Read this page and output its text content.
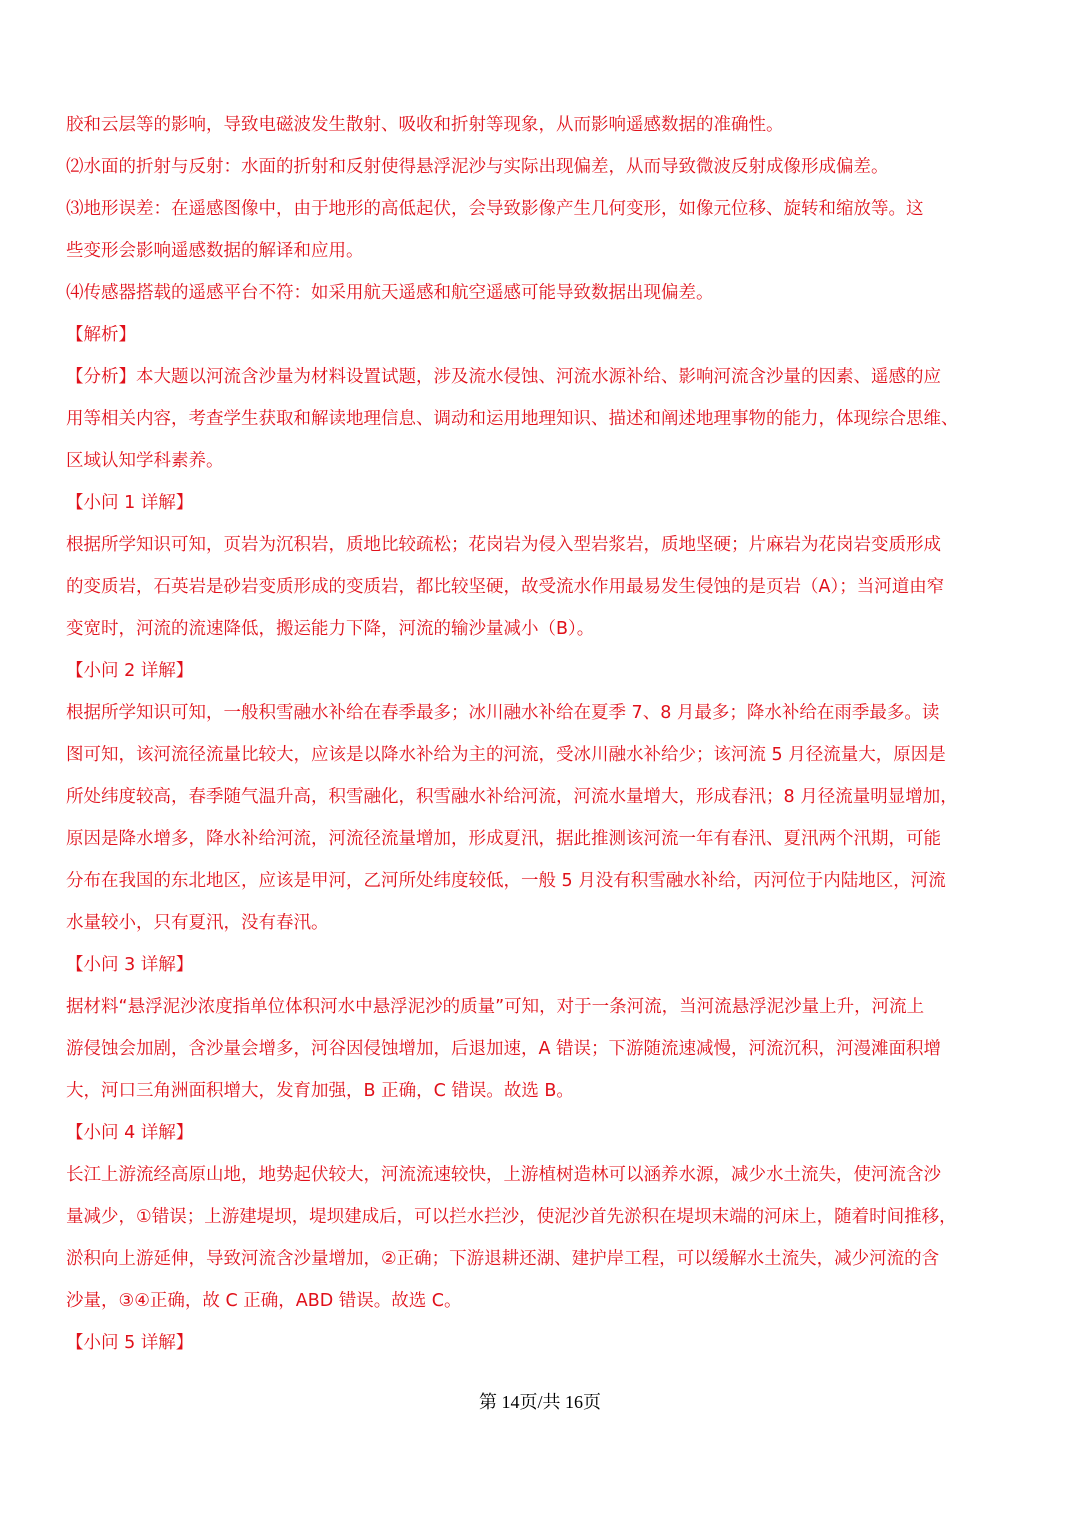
胶和云层等的影响，导致电磁波发生散射、吸收和折射等现象，从而影响遥感数据的准确性。
⑵水面的折射与反射：水面的折射和反射使得悬浮泥沙与实际出现偏差，从而导致微波反射成像形成偏差。
⑶地形误差：在遥感图像中，由于地形的高低起伏，会导致影像产生几何变形，如像元位移、旋转和缩放等。这
些变形会影响遥感数据的解译和应用。
⑷传感器搭载的遥感平台不符：如采用航天遥感和航空遥感可能导致数据出现偏差。
【解析】
【分析】本大题以河流含沙量为材料设置试题，涉及流水侵蚀、河流水源补给、影响河流含沙量的因素、遥感的应
用等相关内容，考查学生获取和解读地理信息、调动和运用地理知识、描述和阐述地理事物的能力，体现综合思维、
区域认知学科素养。
【小问 1 详解】
根据所学知识可知，页岩为沉积岩，质地比较疏松；花岗岩为侵入型岩浆岩，质地坚硬；片麻岩为花岗岩变质形成
的变质岩，石英岩是砂岩变质形成的变质岩，都比较坚硬，故受流水作用最易发生侵蚀的是页岩（A）；当河道由窄
变宽时，河流的流速降低，搬运能力下降，河流的输沙量减小（B）。
【小问 2 详解】
根据所学知识可知，一般积雪融水补给在春季最多；冰川融水补给在夏季 7、8 月最多；降水补给在雨季最多。读
图可知，该河流径流量比较大，应该是以降水补给为主的河流，受冰川融水补给少；该河流 5 月径流量大，原因是
所处纬度较高，春季随气温升高，积雪融化，积雪融水补给河流，河流水量增大，形成春汛；8 月径流量明显增加，
原因是降水增多，降水补给河流，河流径流量增加，形成夏汛，据此推测该河流一年有春汛、夏汛两个汛期，可能
分布在我国的东北地区，应该是甲河，乙河所处纬度较低，一般 5 月没有积雪融水补给，丙河位于内陆地区，河流
水量较小，只有夏汛，没有春汛。
【小问 3 详解】
据材料“悬浮泥沙浓度指单位体积河水中悬浮泥沙的质量”可知，对于一条河流，当河流悬浮泥沙量上升，河流上
游侵蚀会加剧，含沙量会增多，河谷因侵蚀增加，后退加速，A 错误；下游随流速减慢，河流沉积，河漫滩面积增
大，河口三角洲面积增大，发育加强，B 正确，C 错误。故选 B。
【小问 4 详解】
长江上游流经高原山地，地势起伏较大，河流流速较快，上游植树造林可以涵养水源，减少水土流失，使河流含沙
量减少，①错误；上游建堤坝，堤坝建成后，可以拦水拦沙，使泥沙首先淤积在堤坝末端的河床上，随着时间推移，
淤积向上游延伸，导致河流含沙量增加，②正确；下游退耕还湖、建护岸工程，可以缓解水土流失，减少河流的含
沙量，③④正确，故 C 正确，ABD 错误。故选 C。
【小问 5 详解】
第 14页/共 16页
